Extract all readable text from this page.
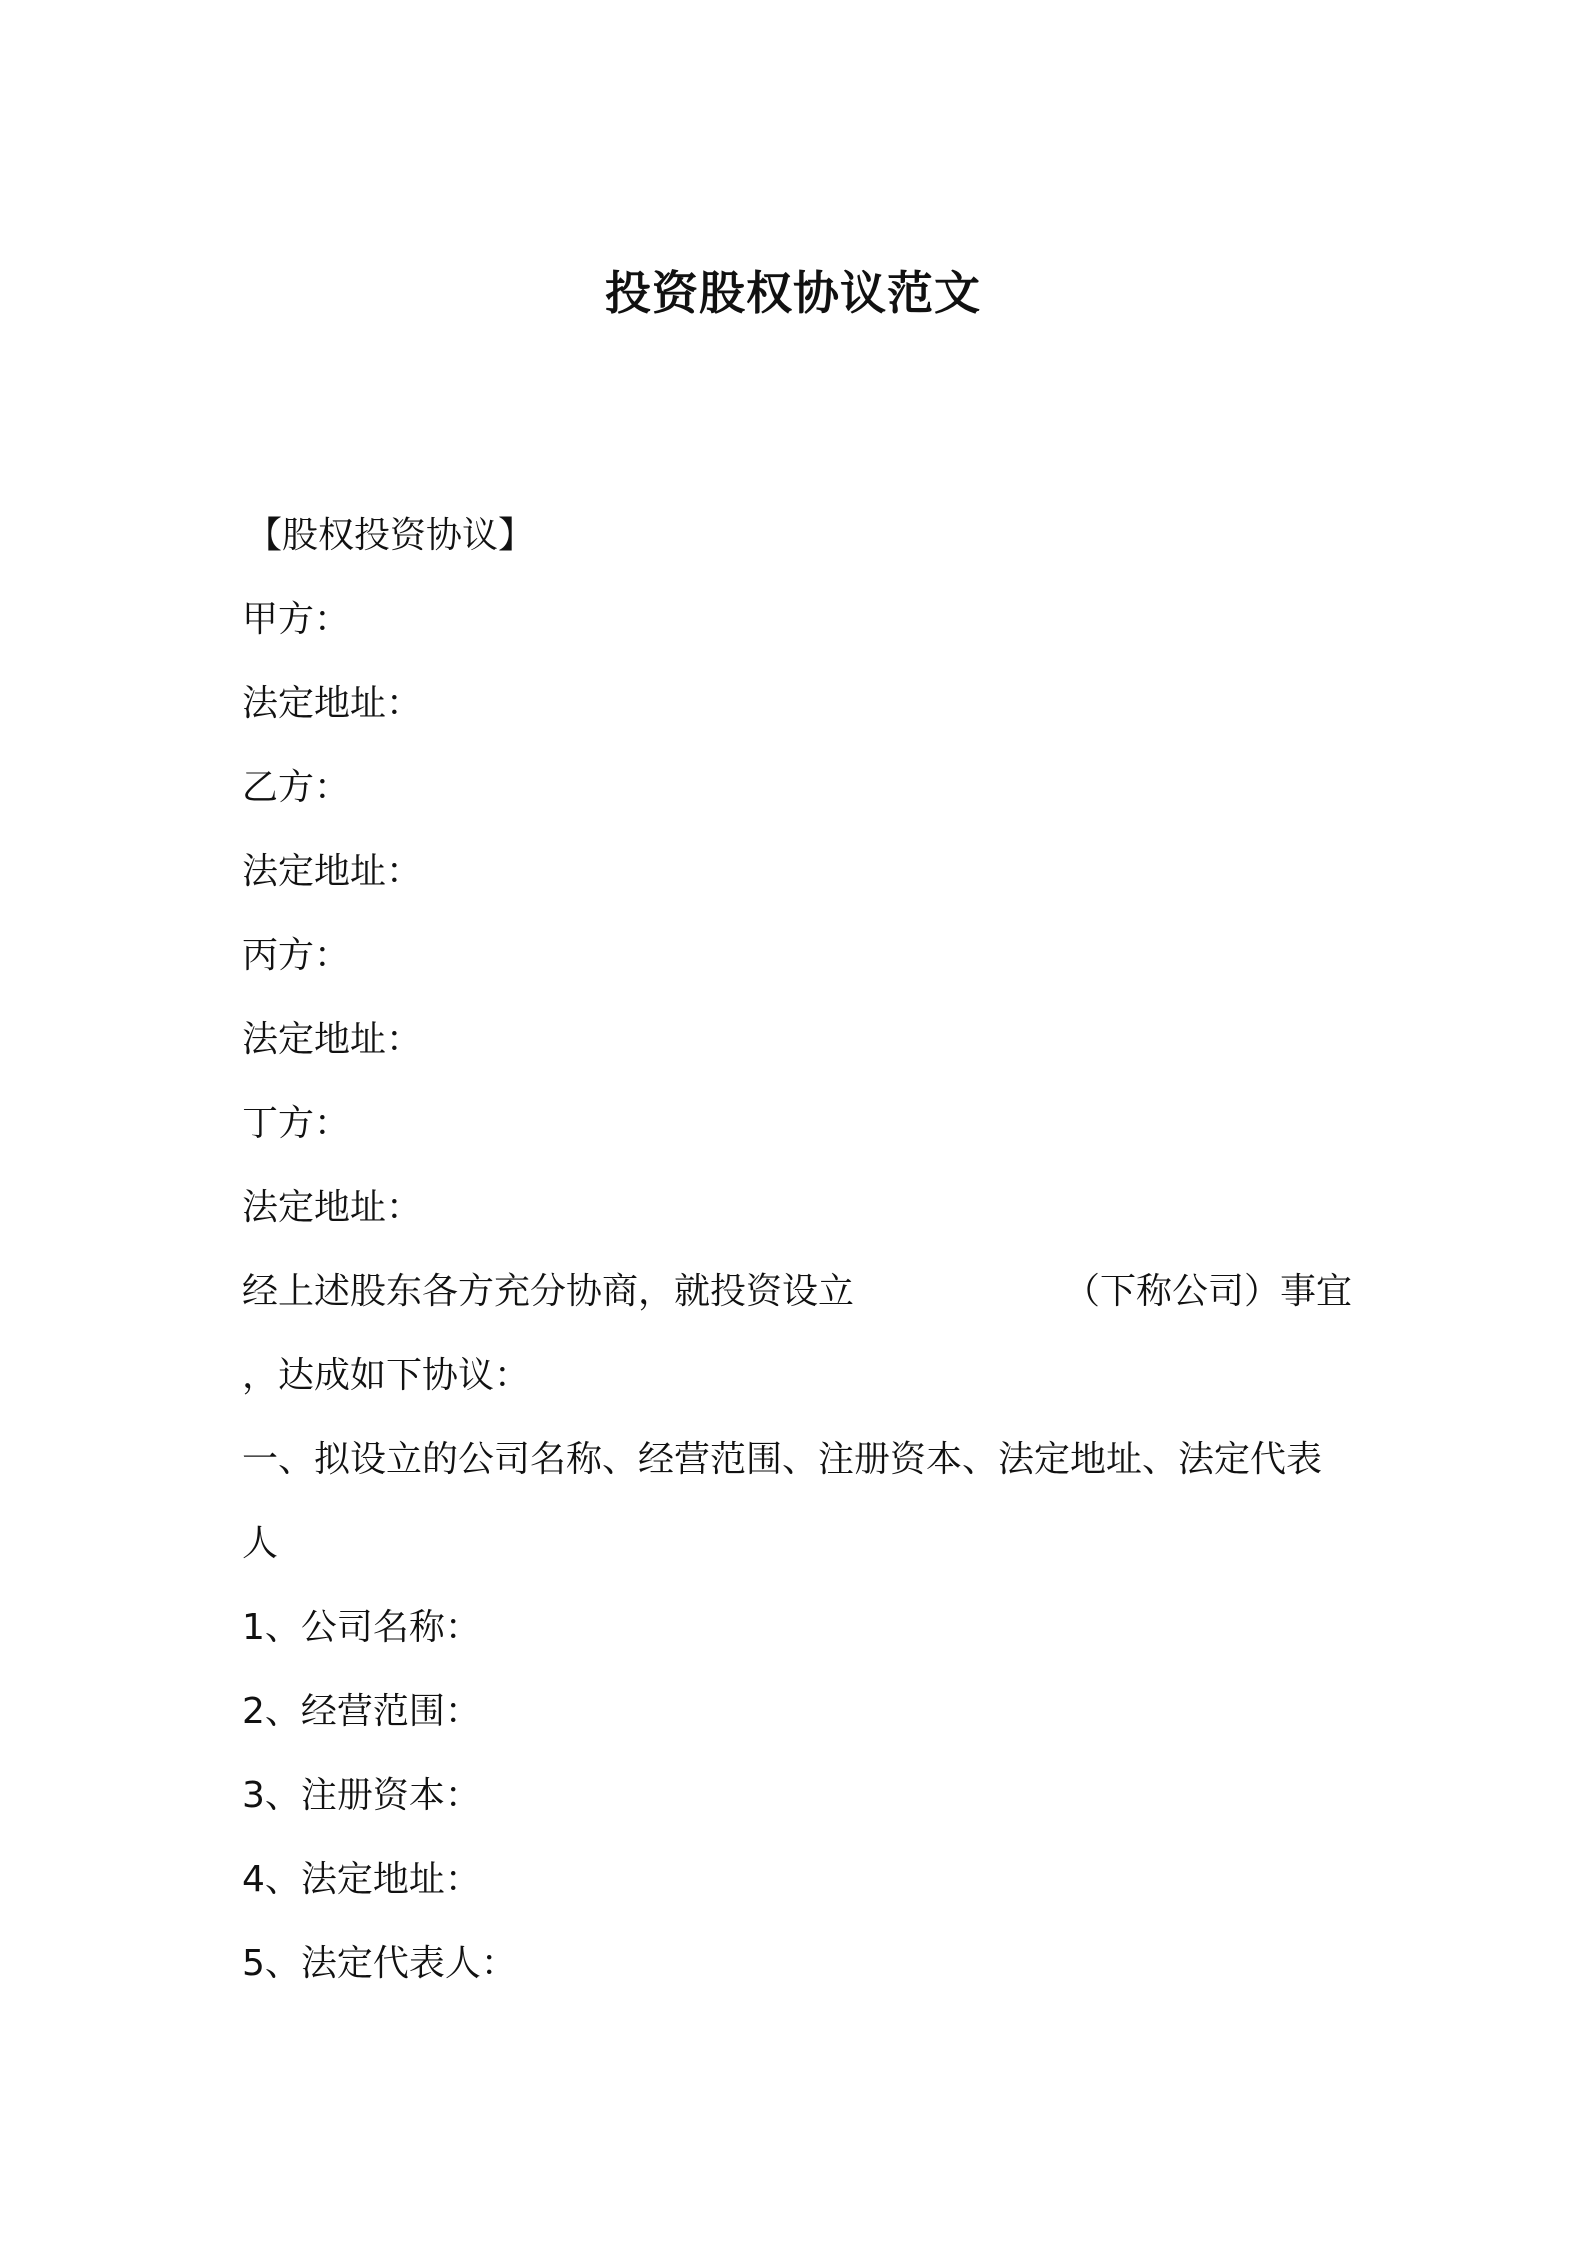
投资股权协议范文
【股权投资协议】
甲方：
法定地址：
乙方：
法定地址：
丙方：
法定地址：
丁方：
法定地址：
经上述股东各方充分协商，就投资设立	（下称公司）事宜
，达成如下协议：
一、拟设立的公司名称、经营范围、注册资本、法定地址、法定代表
人
1、公司名称：
2、经营范围：
3、注册资本：
4、法定地址：
5、法定代表人：
